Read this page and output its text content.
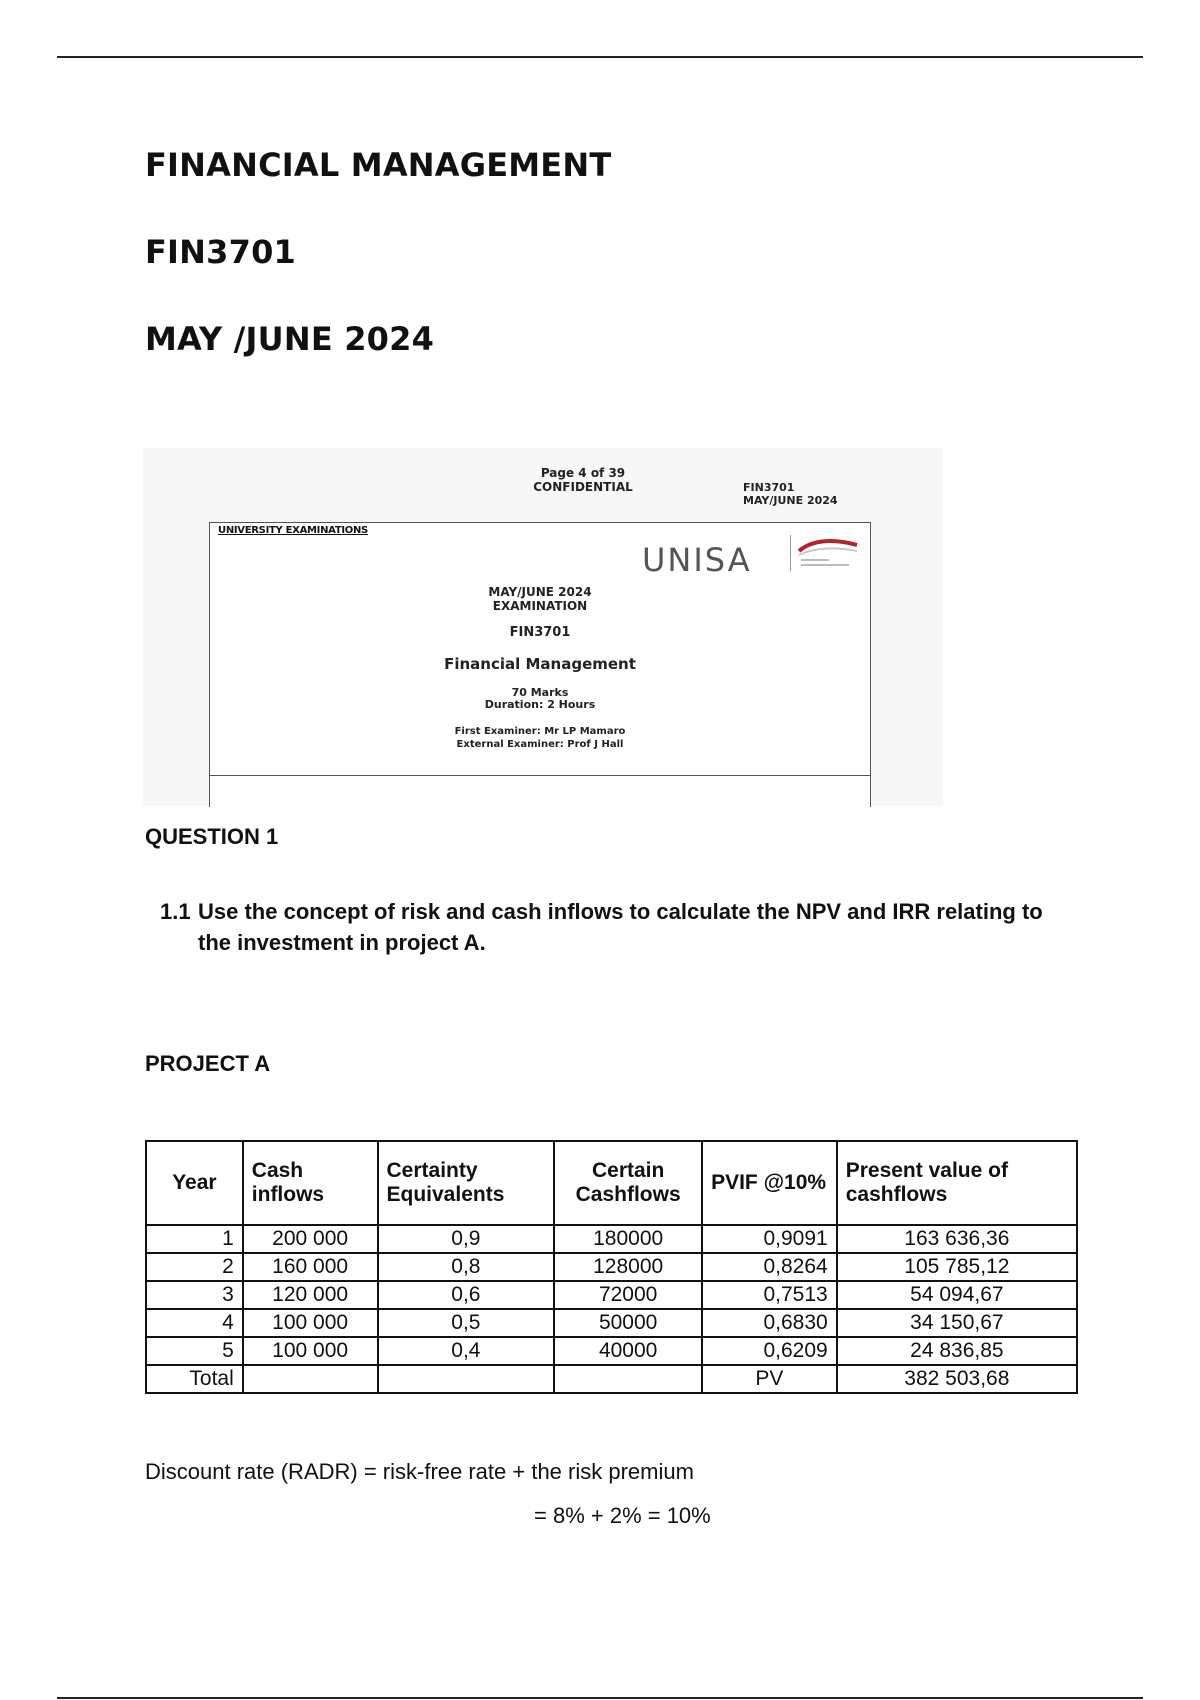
FINANCIAL MANAGEMENT
FIN3701
MAY /JUNE 2024
Page 4 of 39
CONFIDENTIAL	FIN3701
MAY/JUNE 2024
UNIVERSITY EXAMINATIONS
UNISA
MAY/JUNE 2024
EXAMINATION
FIN3701
Financial Management
70 Marks
Duration: 2 Hours
First Examiner: Mr LP Mamaro
External Examiner: Prof J Hall
QUESTION 1
1.1 Use the concept of risk and cash inflows to calculate the NPV and IRR relating to the investment in project A.
PROJECT A
Year	Cash inflows	Certainty Equivalents	Certain Cashflows	PVIF @10%	Present value of cashflows
1	200 000	0,9	180000	0,9091	163 636,36
2	160 000	0,8	128000	0,8264	105 785,12
3	120 000	0,6	72000	0,7513	54 094,67
4	100 000	0,5	50000	0,6830	34 150,67
5	100 000	0,4	40000	0,6209	24 836,85
Total				PV	382 503,68
Discount rate (RADR) = risk-free rate + the risk premium
= 8% + 2% = 10%
